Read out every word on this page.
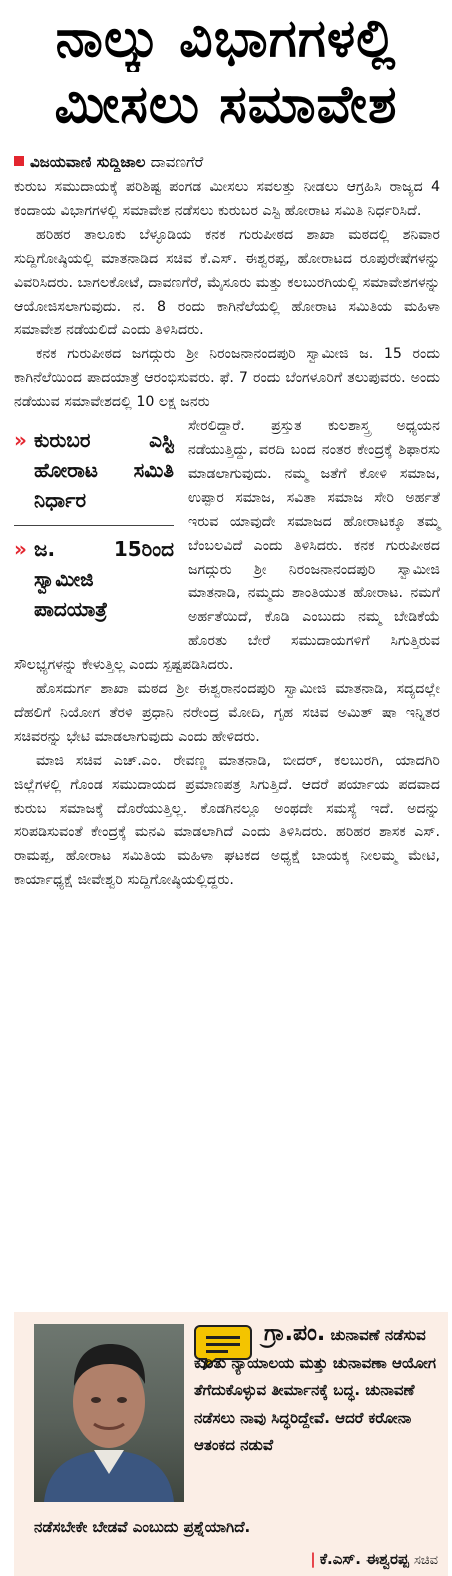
ನಾಲ್ಕು ವಿಭಾಗಗಳಲ್ಲಿ
ಮೀಸಲು ಸಮಾವೇಶ
ವಿಜಯವಾಣಿ ಸುದ್ದಿಜಾಲ ದಾವಣಗೆರೆ

ಕುರುಬ ಸಮುದಾಯಕ್ಕೆ ಪರಿಶಿಷ್ಟ ಪಂಗಡ ಮೀಸಲು ಸವಲತ್ತು ನೀಡಲು ಆಗ್ರಹಿಸಿ ರಾಜ್ಯದ 4 ಕಂದಾಯ ವಿಭಾಗಗಳಲ್ಲಿ ಸಮಾವೇಶ ನಡೆಸಲು ಕುರುಬರ ಎಸ್ಟಿ ಹೋರಾಟ ಸಮಿತಿ ನಿರ್ಧರಿಸಿದೆ.

ಹರಿಹರ ತಾಲೂಕು ಬೆಳ್ಳೂಡಿಯ ಕನಕ ಗುರುಪೀಠದ ಶಾಖಾ ಮಠದಲ್ಲಿ ಶನಿವಾರ ಸುದ್ದಿಗೋಷ್ಠಿಯಲ್ಲಿ ಮಾತನಾಡಿದ ಸಚಿವ ಕೆ.ಎಸ್. ಈಶ್ವರಪ್ಪ, ಹೋರಾಟದ ರೂಪುರೇಷೆಗಳನ್ನು ವಿವರಿಸಿದರು. ಬಾಗಲಕೋಟೆ, ದಾವಣಗೆರೆ, ಮೈಸೂರು ಮತ್ತು ಕಲಬುರಗಿಯಲ್ಲಿ ಸಮಾವೇಶಗಳನ್ನು ಆಯೋಜಿಸಲಾಗುವುದು. ನ. 8 ರಂದು ಕಾಗಿನೆಲೆಯಲ್ಲಿ ಹೋರಾಟ ಸಮಿತಿಯ ಮಹಿಳಾ ಸಮಾವೇಶ ನಡೆಯಲಿದೆ ಎಂದು ತಿಳಿಸಿದರು.

ಕನಕ ಗುರುಪೀಠದ ಜಗದ್ಗುರು ಶ್ರೀ ನಿರಂಜನಾನಂದಪುರಿ ಸ್ವಾಮೀಜಿ ಜ. 15 ರಂದು ಕಾಗಿನೆಲೆಯಿಂದ ಪಾದಯಾತ್ರೆ ಆರಂಭಿಸುವರು. ಫೆ. 7 ರಂದು ಬೆಂಗಳೂರಿಗೆ ತಲುಪುವರು. ಅಂದು ನಡೆಯುವ ಸಮಾವೇಶದಲ್ಲಿ 10 ಲಕ್ಷ ಜನರು

» ಕುರುಬರ ಎಸ್ಟಿ ಹೋರಾಟ ಸಮಿತಿ ನಿರ್ಧಾರ
» ಜ. 15ರಿಂದ ಸ್ವಾಮೀಜಿ ಪಾದಯಾತ್ರೆ

ಸೇರಲಿದ್ದಾರೆ. ಪ್ರಸ್ತುತ ಕುಲಶಾಸ್ತ್ರ ಅಧ್ಯಯನ ನಡೆಯುತ್ತಿದ್ದು, ವರದಿ ಬಂದ ನಂತರ ಕೇಂದ್ರಕ್ಕೆ ಶಿಫಾರಸು ಮಾಡಲಾಗುವುದು. ನಮ್ಮ ಜತೆಗೆ ಕೋಳಿ ಸಮಾಜ, ಉಪ್ಪಾರ ಸಮಾಜ, ಸವಿತಾ ಸಮಾಜ ಸೇರಿ ಅರ್ಹತೆ ಇರುವ ಯಾವುದೇ ಸಮಾಜದ ಹೋರಾಟಕ್ಕೂ ತಮ್ಮ ಬೆಂಬಲವಿದೆ ಎಂದು ತಿಳಿಸಿದರು. ಕನಕ ಗುರುಪೀಠದ ಜಗದ್ಗುರು ಶ್ರೀ ನಿರಂಜನಾನಂದಪುರಿ ಸ್ವಾಮೀಜಿ ಮಾತನಾಡಿ, ನಮ್ಮದು ಶಾಂತಿಯುತ ಹೋರಾಟ. ನಮಗೆ ಅರ್ಹತೆಯಿದೆ, ಕೊಡಿ ಎಂಬುದು ನಮ್ಮ ಬೇಡಿಕೆಯೆ ಹೊರತು ಬೇರೆ ಸಮುದಾಯಗಳಿಗೆ ಸಿಗುತ್ತಿರುವ ಸೌಲಭ್ಯಗಳನ್ನು ಕೇಳುತ್ತಿಲ್ಲ ಎಂದು ಸ್ಪಷ್ಟಪಡಿಸಿದರು.

ಹೊಸದುರ್ಗ ಶಾಖಾ ಮಠದ ಶ್ರೀ ಈಶ್ವರಾನಂದಪುರಿ ಸ್ವಾಮೀಜಿ ಮಾತನಾಡಿ, ಸದ್ಯದಲ್ಲೇ ದೆಹಲಿಗೆ ನಿಯೋಗ ತೆರಳಿ ಪ್ರಧಾನಿ ನರೇಂದ್ರ ಮೋದಿ, ಗೃಹ ಸಚಿವ ಅಮಿತ್ ಷಾ ಇನ್ನಿತರ ಸಚಿವರನ್ನು ಭೇಟಿ ಮಾಡಲಾಗುವುದು ಎಂದು ಹೇಳಿದರು.

ಮಾಜಿ ಸಚಿವ ಎಚ್.ಎಂ. ರೇವಣ್ಣ ಮಾತನಾಡಿ, ಬೀದರ್, ಕಲಬುರಗಿ, ಯಾದಗಿರಿ ಜಿಲ್ಲೆಗಳಲ್ಲಿ ಗೊಂಡ ಸಮುದಾಯದ ಪ್ರಮಾಣಪತ್ರ ಸಿಗುತ್ತಿದೆ. ಆದರೆ ಪರ್ಯಾಯ ಪದವಾದ ಕುರುಬ ಸಮಾಜಕ್ಕೆ ದೊರೆಯುತ್ತಿಲ್ಲ. ಕೊಡಗಿನಲ್ಲೂ ಅಂಥದೇ ಸಮಸ್ಯೆ ಇದೆ. ಅದನ್ನು ಸರಿಪಡಿಸುವಂತೆ ಕೇಂದ್ರಕ್ಕೆ ಮನವಿ ಮಾಡಲಾಗಿದೆ ಎಂದು ತಿಳಿಸಿದರು. ಹರಿಹರ ಶಾಸಕ ಎಸ್. ರಾಮಪ್ಪ, ಹೋರಾಟ ಸಮಿತಿಯ ಮಹಿಳಾ ಘಟಕದ ಅಧ್ಯಕ್ಷೆ ಬಾಯಕ್ಕ ನೀಲಮ್ಮ ಮೇಟಿ, ಕಾರ್ಯಾಧ್ಯಕ್ಷೆ ಜೀವೇಶ್ವರಿ ಸುದ್ದಿಗೋಷ್ಠಿಯಲ್ಲಿದ್ದರು.

ಗ್ರಾ.ಪಂ. ಚುನಾವಣೆ ನಡೆಸುವ ಕುರಿತು ನ್ಯಾಯಾಲಯ ಮತ್ತು ಚುನಾವಣಾ ಆಯೋಗ ತೆಗೆದುಕೊಳ್ಳುವ ತೀರ್ಮಾನಕ್ಕೆ ಬದ್ಧ. ಚುನಾವಣೆ ನಡೆಸಲು ನಾವು ಸಿದ್ಧರಿದ್ದೇವೆ. ಆದರೆ ಕರೋನಾ ಆತಂಕದ ನಡುವೆ
ನಡೆಸಬೇಕೇ ಬೇಡವೆ ಎಂಬುದು ಪ್ರಶ್ನೆಯಾಗಿದೆ.
| ಕೆ.ಎಸ್. ಈಶ್ವರಪ್ಪ ಸಚಿವ
